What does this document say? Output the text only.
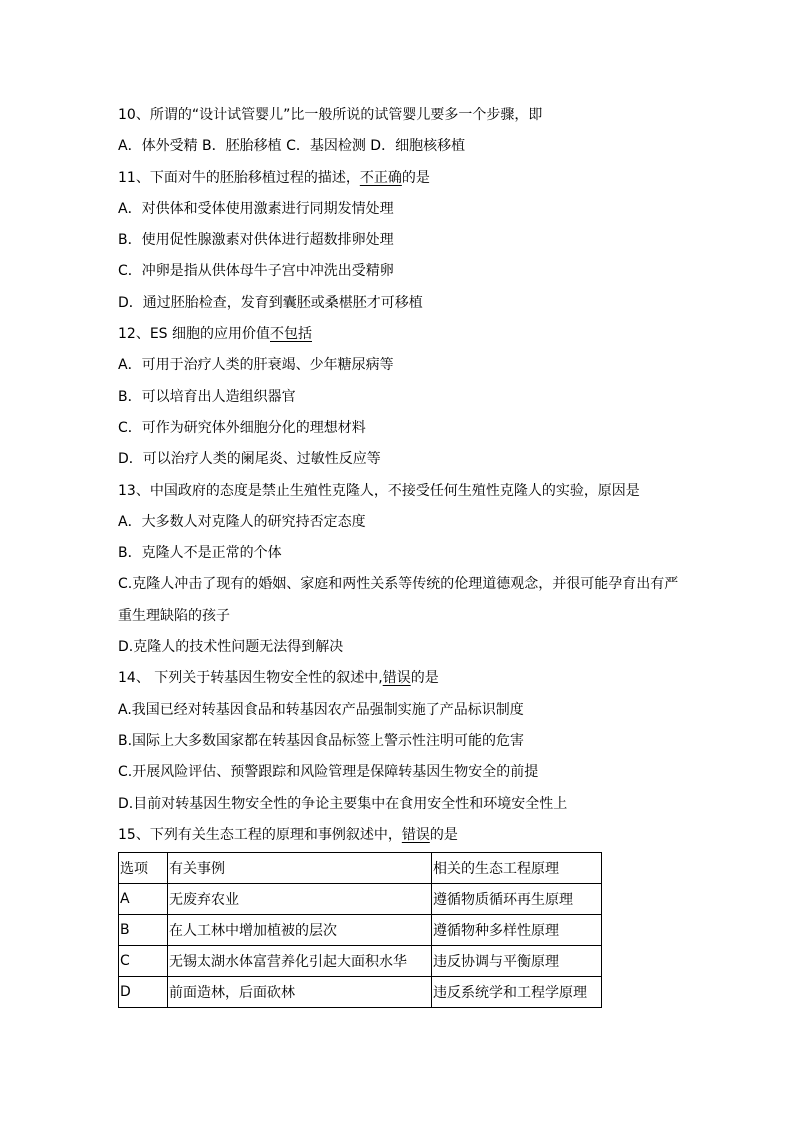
10、所谓的“设计试管婴儿”比一般所说的试管婴儿要多一个步骤，即
A．体外受精 B．胚胎移植 C．基因检测 D．细胞核移植
11、下面对牛的胚胎移植过程的描述，不正确的是
A．对供体和受体使用激素进行同期发情处理
B．使用促性腺激素对供体进行超数排卵处理
C．冲卵是指从供体母牛子宫中冲洗出受精卵
D．通过胚胎检查，发育到囊胚或桑椹胚才可移植
12、ES 细胞的应用价值不包括
A．可用于治疗人类的肝衰竭、少年糖尿病等
B．可以培育出人造组织器官
C．可作为研究体外细胞分化的理想材料
D．可以治疗人类的阑尾炎、过敏性反应等
13、中国政府的态度是禁止生殖性克隆人，不接受任何生殖性克隆人的实验，原因是
A．大多数人对克隆人的研究持否定态度
B．克隆人不是正常的个体
C.克隆人冲击了现有的婚姻、家庭和两性关系等传统的伦理道德观念，并很可能孕育出有严重生理缺陷的孩子
D.克隆人的技术性问题无法得到解决
14、 下列关于转基因生物安全性的叙述中,错误的是
A.我国已经对转基因食品和转基因农产品强制实施了产品标识制度
B.国际上大多数国家都在转基因食品标签上警示性注明可能的危害
C.开展风险评估、预警跟踪和风险管理是保障转基因生物安全的前提
D.目前对转基因生物安全性的争论主要集中在食用安全性和环境安全性上
15、下列有关生态工程的原理和事例叙述中，错误的是
选项	有关事例	相关的生态工程原理
A	无废弃农业	遵循物质循环再生原理
B	在人工林中增加植被的层次	遵循物种多样性原理
C	无锡太湖水体富营养化引起大面积水华	违反协调与平衡原理
D	前面造林，后面砍林	违反系统学和工程学原理
